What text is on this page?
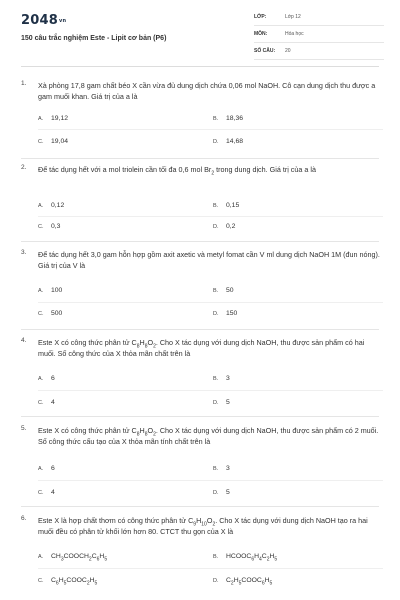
2048vn
150 câu trắc nghiệm Este - Lipit cơ bản (P6)
LỚP:	Lớp 12
MÔN:	Hóa học
SỐ CÂU: 20
1. Xà phòng 17,8 gam chất béo X cần vừa đủ dung dịch chứa 0,06 mol NaOH. Cô cạn dung dịch thu được a gam muối khan. Giá trị của a là
A. 19,12	B. 18,36
C. 19,04	D. 14,68
2. Để tác dụng hết với a mol triolein cần tối đa 0,6 mol $Br_2$ trong dung dịch. Giá trị của a là
A. 0,12	B. 0,15
C. 0,3	D. 0,2
3. Để tác dụng hết 3,0 gam hỗn hợp gồm axit axetic và metyl fomat cần V ml dung dịch NaOH 1M (đun nóng). Giá trị của V là
A. 100	B. 50
C. 500	D. 150
4. Este X có công thức phân tử $C_8H_8O_2$. Cho X tác dụng với dung dịch NaOH, thu được sản phẩm có hai muối. Số công thức của X thỏa mãn chất trên là
A. 6	B. 3
C. 4	D. 5
5. Este X có công thức phân tử $C_8H_8O_2$. Cho X tác dụng với dung dịch NaOH, thu được sản phẩm có 2 muối. Số công thức cấu tạo của X thỏa mãn tính chất trên là
A. 6	B. 3
C. 4	D. 5
6. Este X là hợp chất thơm có công thức phân tử $C_9H_{10}O_2$. Cho X tác dụng với dung dịch NaOH tạo ra hai muối đều có phân tử khối lớn hơn 80. CTCT thu gọn của X là
A. $CH_3COOCH_2C_6H_5$	B. $HCOOC_6H_4C_2H_5$
C. $C_6H_5COOC_2H_5$	D. $C_2H_5COOC_6H_5$
